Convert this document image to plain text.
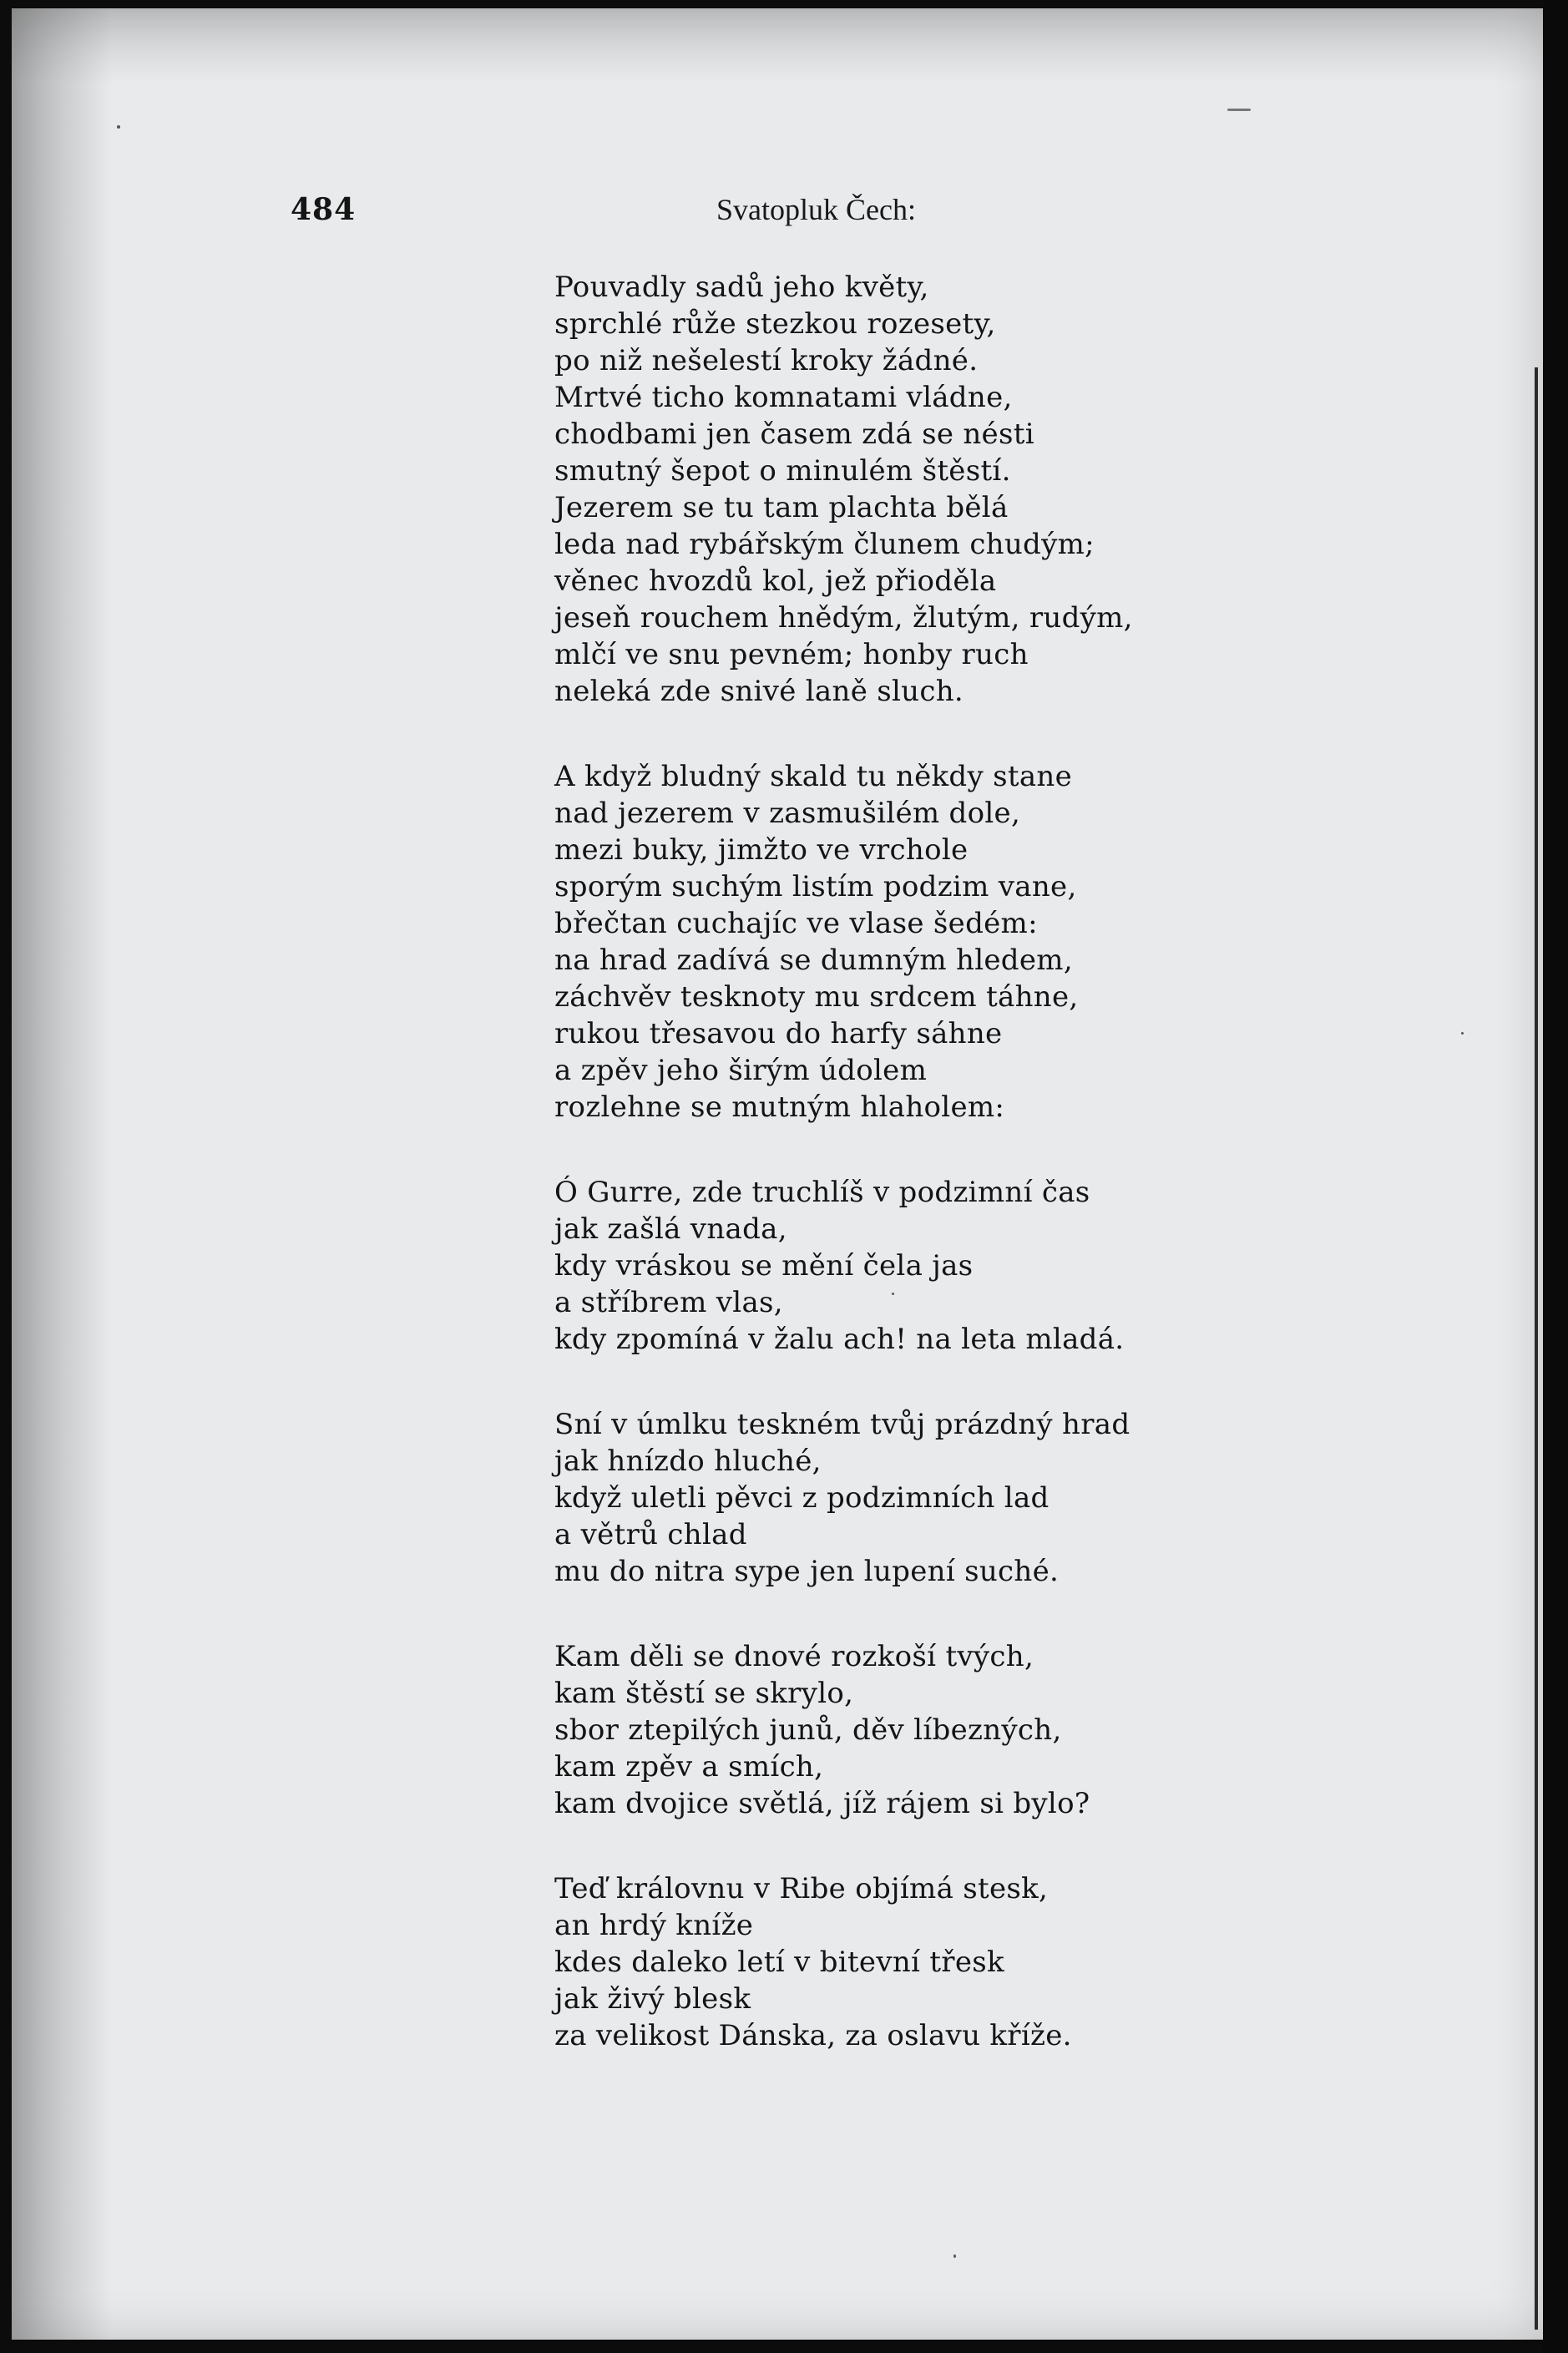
484	Svatopluk Čech:
Pouvadly sadů jeho květy,
sprchlé růže stezkou rozesety,
po niž nešelestí kroky žádné.
Mrtvé ticho komnatami vládne,
chodbami jen časem zdá se nésti
smutný šepot o minulém štěstí.
Jezerem se tu tam plachta bělá
leda nad rybářským člunem chudým;
věnec hvozdů kol, jež přioděla
jeseň rouchem hnědým, žlutým, rudým,
mlčí ve snu pevném; honby ruch
neleká zde snivé laně sluch.
A když bludný skald tu někdy stane
nad jezerem v zasmušilém dole,
mezi buky, jimžto ve vrchole
sporým suchým listím podzim vane,
břečtan cuchajíc ve vlase šedém:
na hrad zadívá se dumným hledem,
záchvěv tesknoty mu srdcem táhne,
rukou třesavou do harfy sáhne
a zpěv jeho širým údolem
rozlehne se mutným hlaholem:
Ó Gurre, zde truchlíš v podzimní čas
jak zašlá vnada,
kdy vráskou se mění čela jas
a stříbrem vlas,
kdy zpomíná v žalu ach! na leta mladá.
Sní v úmlku teskném tvůj prázdný hrad
jak hnízdo hluché,
když uletli pěvci z podzimních lad
a větrů chlad
mu do nitra sype jen lupení suché.
Kam děli se dnové rozkoší tvých,
kam štěstí se skrylo,
sbor ztepilých junů, děv líbezných,
kam zpěv a smích,
kam dvojice světlá, jíž rájem si bylo?
Teď královnu v Ribe objímá stesk,
an hrdý kníže
kdes daleko letí v bitevní třesk
jak živý blesk
za velikost Dánska, za oslavu kříže.
